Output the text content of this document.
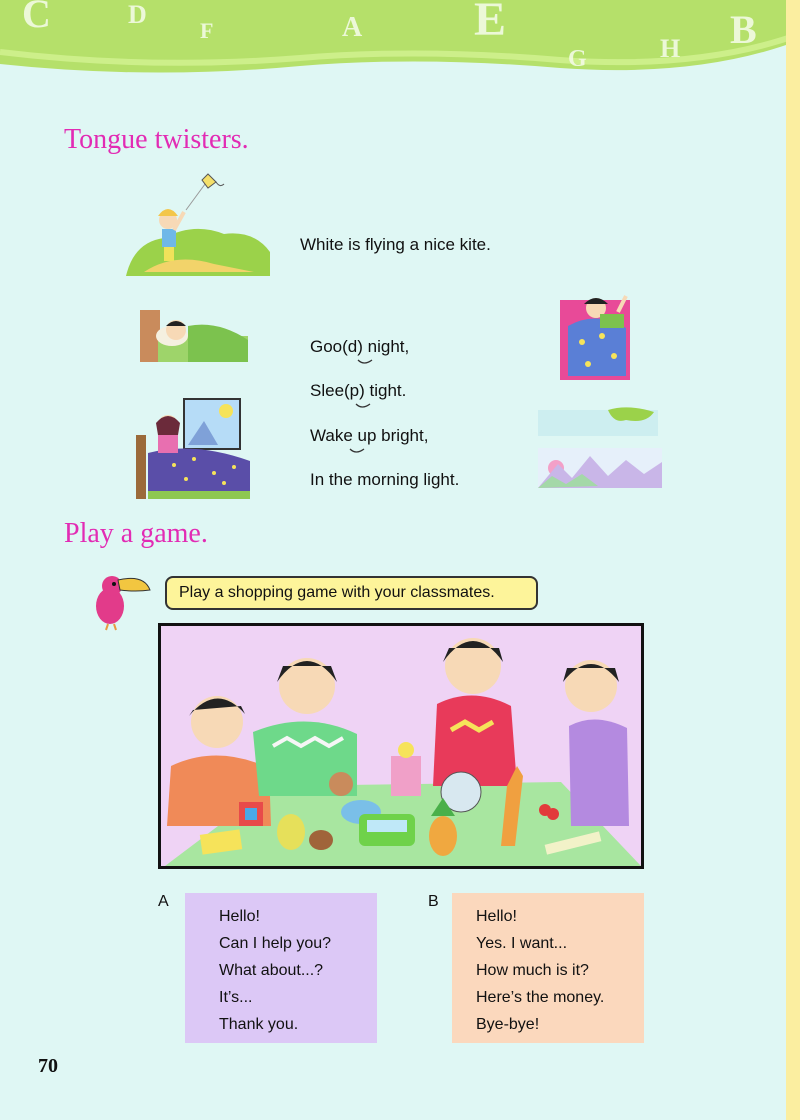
C	D
F	A E
G	H B
Tongue twisters.
White is flying a nice kite.
Goo(d) night,
Slee(p) tight.
Wake up bright,
In the morning light.
Play a game.
Play a shopping game with your classmates.
A
Hello!
Can I help you?
What about...?
It’s...
Thank you.
B
Hello!
Yes. I want...
How much is it?
Here’s the money.
Bye-bye!
70
